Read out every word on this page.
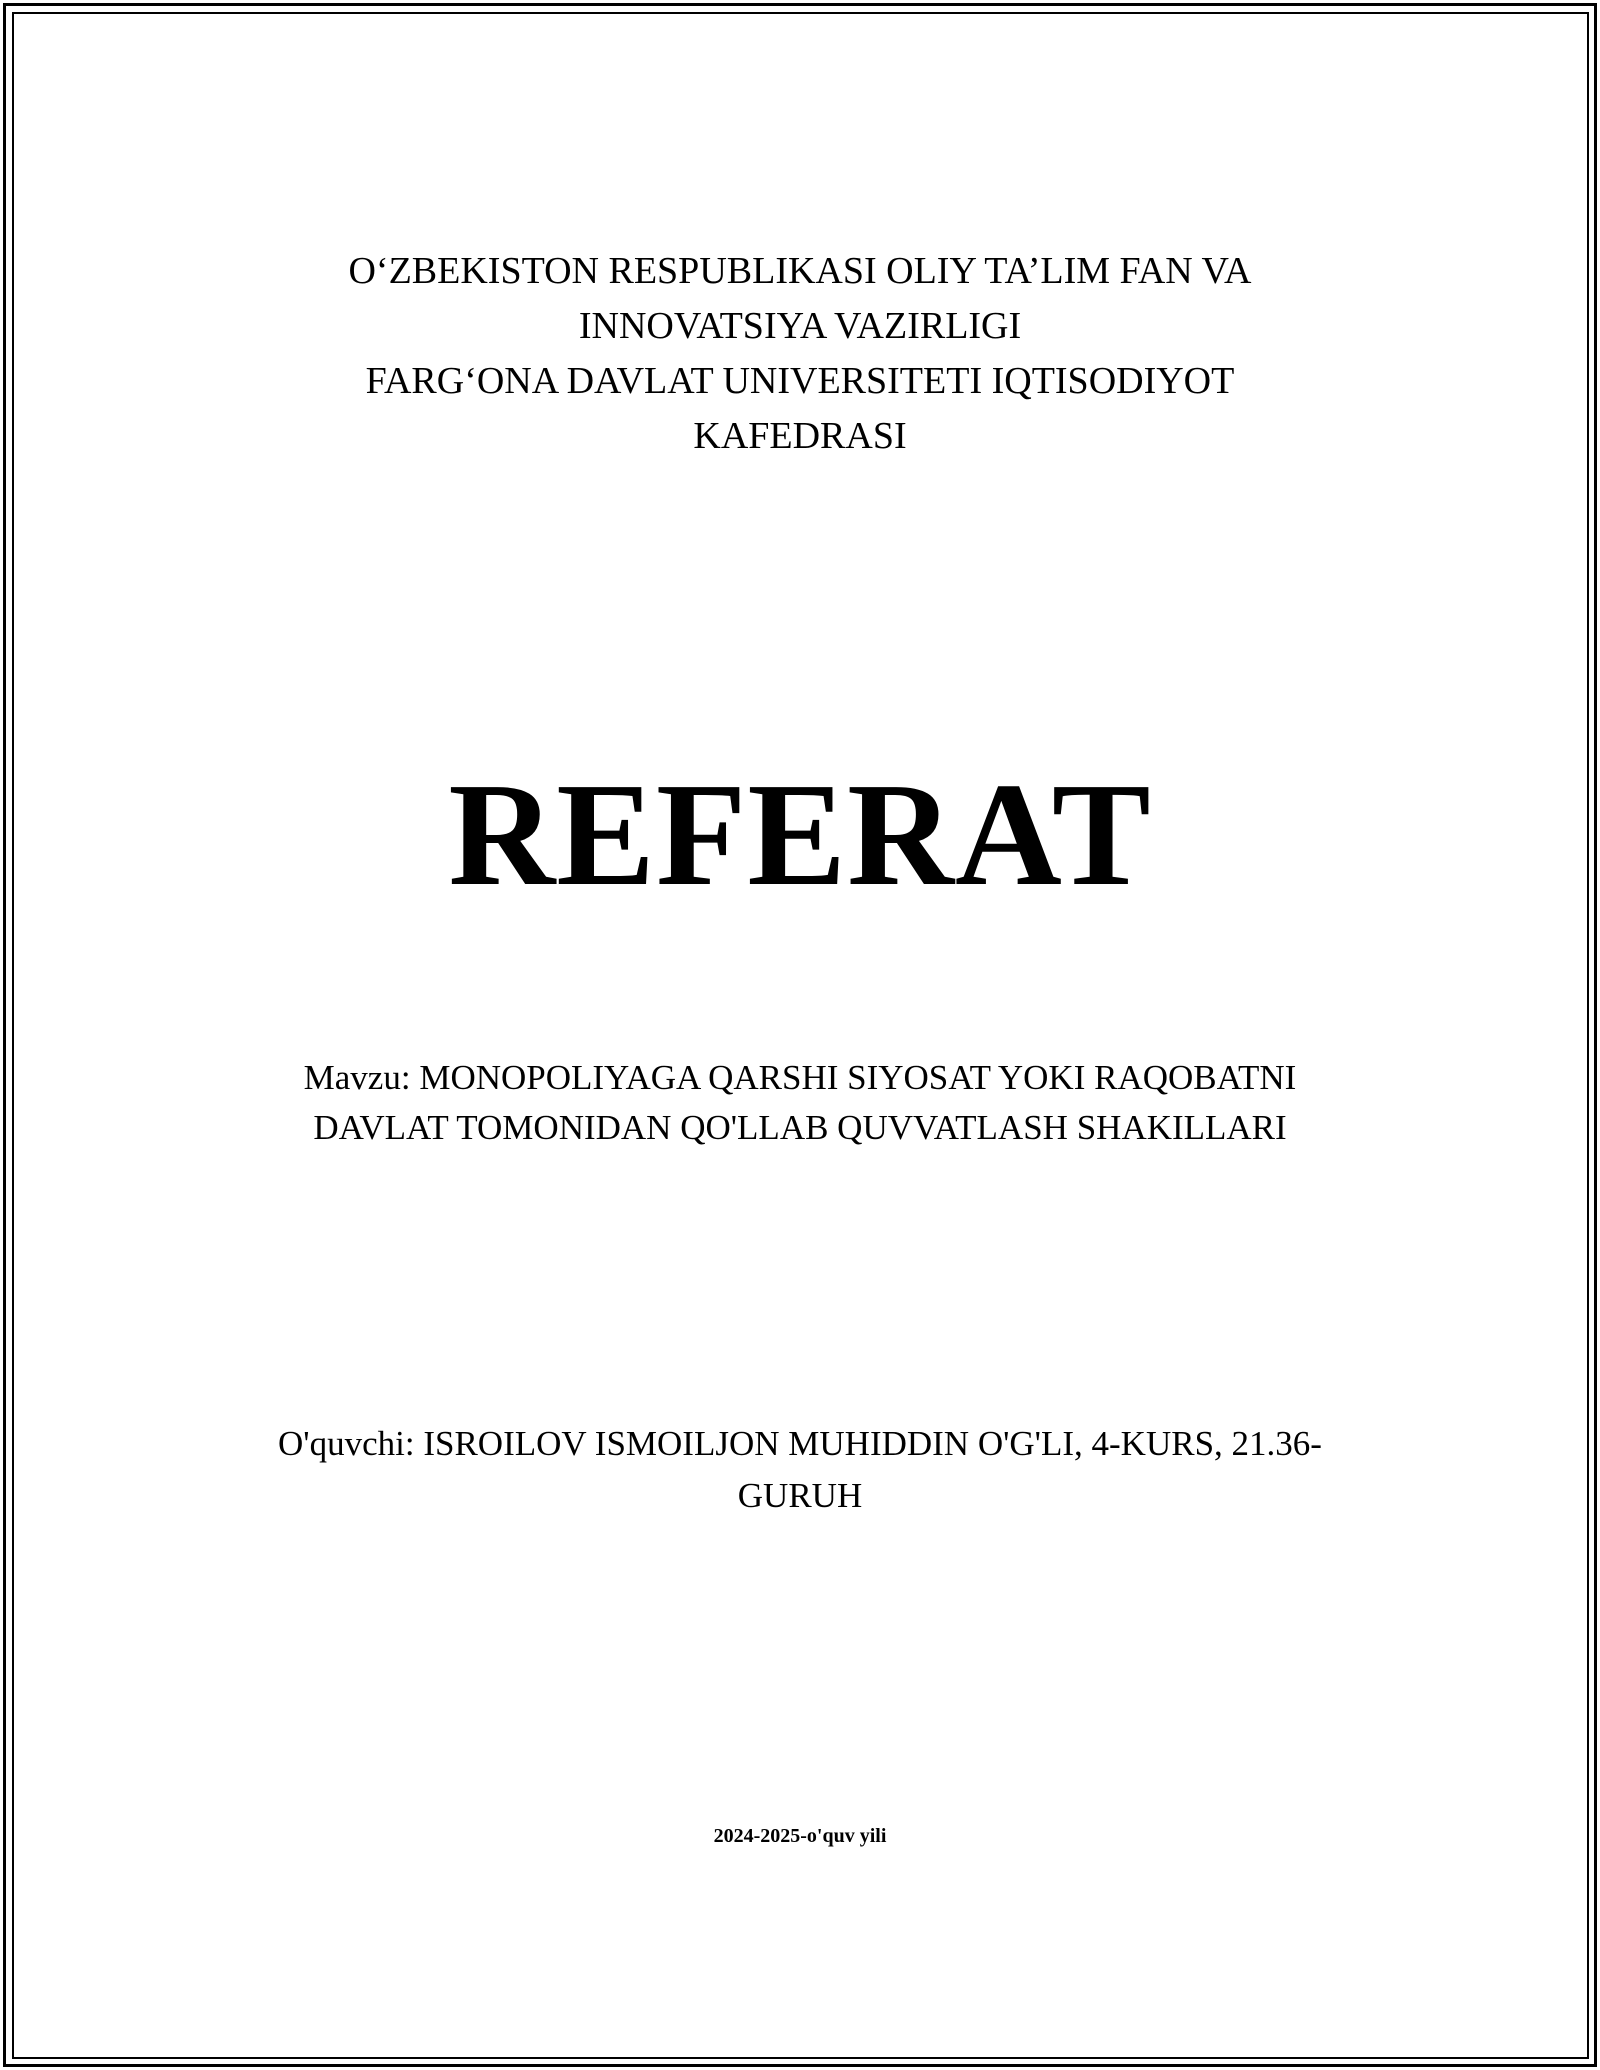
O‘ZBEKISTON RESPUBLIKASI OLIY TA’LIM FAN VA
INNOVATSIYA VAZIRLIGI
FARG‘ONA DAVLAT UNIVERSITETI IQTISODIYOT
KAFEDRASI
REFERAT
Mavzu: MONOPOLIYAGA QARSHI SIYOSAT YOKI RAQOBATNI
DAVLAT TOMONIDAN QO'LLAB QUVVATLASH SHAKILLARI
O'quvchi: ISROILOV ISMOILJON MUHIDDIN O'G'LI, 4-KURS, 21.36-
GURUH
2024-2025-o'quv yili
